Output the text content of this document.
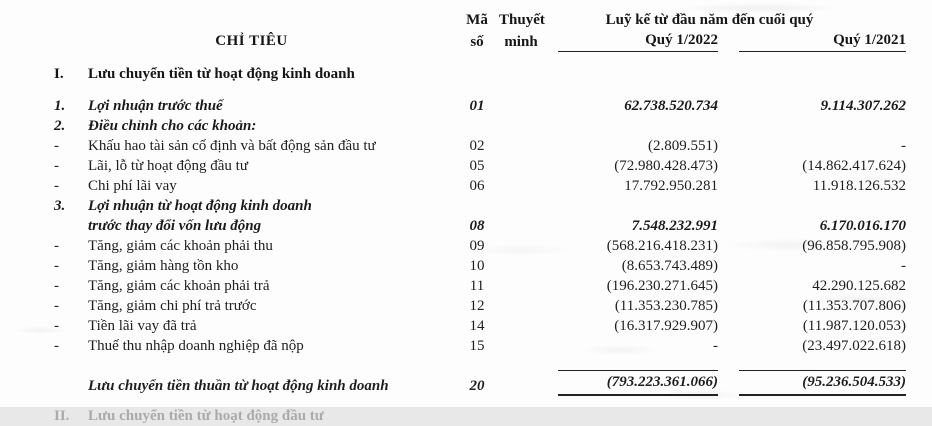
CHỈ TIÊU		Mã	Thuyết	Luỹ kế từ đầu năm đến cuối quý	
		số	minh	Quý 1/2022	Quý 1/2021
I.	Lưu chuyển tiền từ hoạt động kinh doanh				
1.	Lợi nhuận trước thuế	01		62.738.520.734	9.114.307.262
2.	Điều chỉnh cho các khoản:				
-	Khấu hao tài sản cố định và bất động sản đầu tư	02		(2.809.551)	-
-	Lãi, lỗ từ hoạt động đầu tư	05		(72.980.428.473)	(14.862.417.624)
-	Chi phí lãi vay	06		17.792.950.281	11.918.126.532
3.	Lợi nhuận từ hoạt động kinh doanh				
	trước thay đổi vốn lưu động	08		7.548.232.991	6.170.016.170
-	Tăng, giảm các khoản phải thu	09		(568.216.418.231)	(96.858.795.908)
-	Tăng, giảm hàng tồn kho	10		(8.653.743.489)	-
-	Tăng, giảm các khoản phải trả	11		(196.230.271.645)	42.290.125.682
-	Tăng, giảm chi phí trả trước	12		(11.353.230.785)	(11.353.707.806)
-	Tiền lãi vay đã trả	14		(16.317.929.907)	(11.987.120.053)
-	Thuế thu nhập doanh nghiệp đã nộp	15		-	(23.497.022.618)
	Lưu chuyển tiền thuần từ hoạt động kinh doanh	20		(793.223.361.066)	(95.236.504.533)
II.	Lưu chuyển tiền từ hoạt động đầu tư				
